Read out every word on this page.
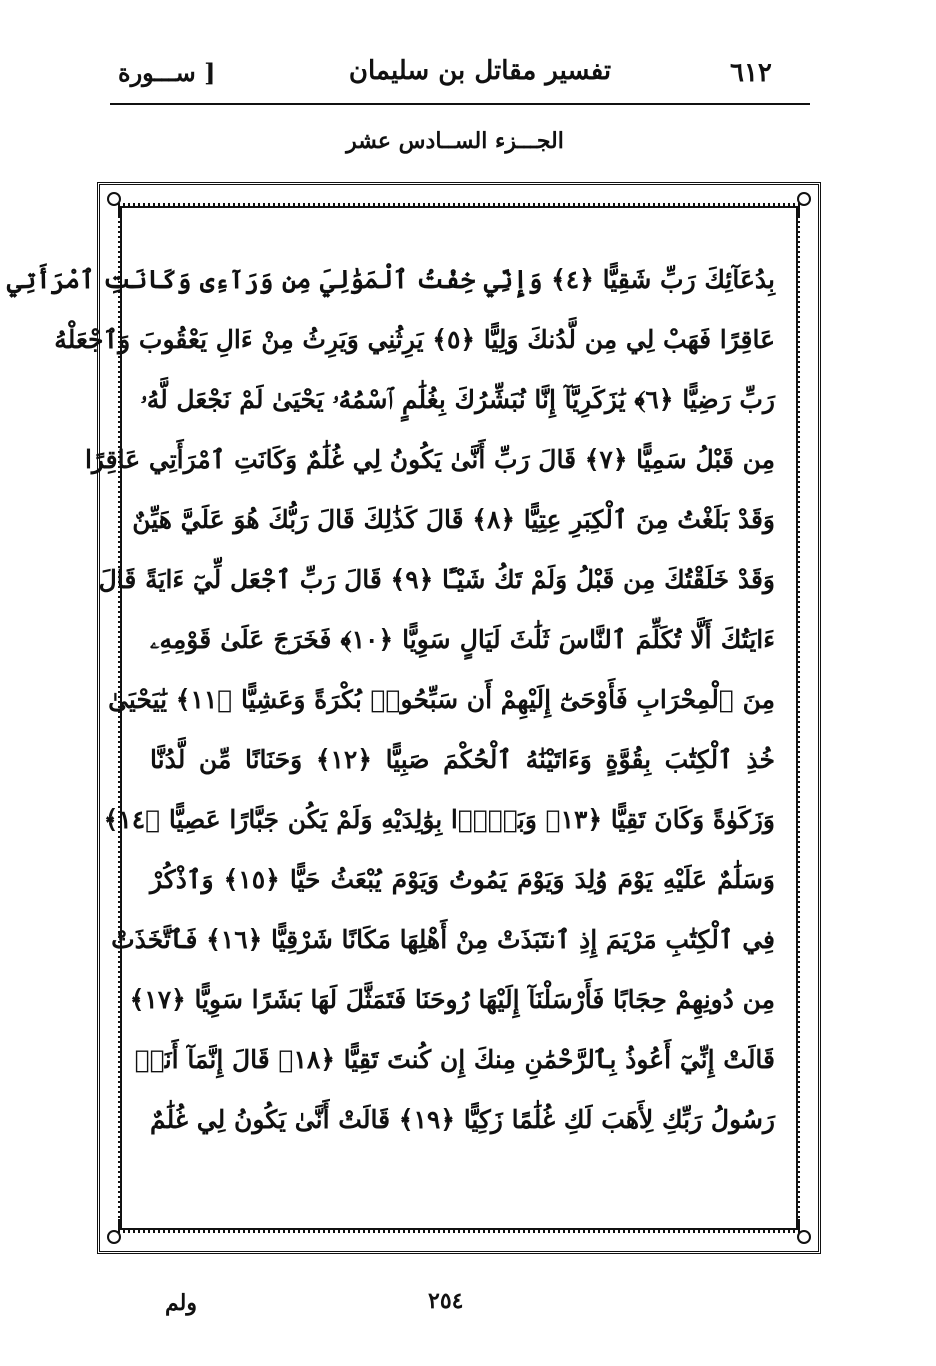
٦١٢
تفسير مقاتل بن سليمان
[ ســـورة
الجـــزء الســادس عشر
بِدُعَآئِكَ رَبِّ شَقِيًّا ﴿٤﴾ وَإِنِّي خِفْتُ ٱلْمَوَٰلِيَ مِن وَرَآءِى وَكَانَتِ ٱمْرَأَتِي
عَاقِرًا فَهَبْ لِي مِن لَّدُنكَ وَلِيًّا ﴿٥﴾ يَرِثُنِي وَيَرِثُ مِنْ ءَالِ يَعْقُوبَ وَٱجْعَلْهُ
رَبِّ رَضِيًّا ﴿٦﴾ يَٰزَكَرِيَّآ إِنَّا نُبَشِّرُكَ بِغُلَٰمٍ ٱسْمُهُۥ يَحْيَىٰ لَمْ نَجْعَل لَّهُۥ
مِن قَبْلُ سَمِيًّا ﴿٧﴾ قَالَ رَبِّ أَنَّىٰ يَكُونُ لِي غُلَٰمٌ وَكَانَتِ ٱمْرَأَتِي عَاقِرًا
وَقَدْ بَلَغْتُ مِنَ ٱلْكِبَرِ عِتِيًّا ﴿٨﴾ قَالَ كَذَٰلِكَ قَالَ رَبُّكَ هُوَ عَلَيَّ هَيِّنٌ
وَقَدْ خَلَقْتُكَ مِن قَبْلُ وَلَمْ تَكُ شَيْـًٔا ﴿٩﴾ قَالَ رَبِّ ٱجْعَل لِّيٓ ءَايَةً قَالَ
ءَايَتُكَ أَلَّا تُكَلِّمَ ٱلنَّاسَ ثَلَٰثَ لَيَالٍ سَوِيًّا ﴿١٠﴾ فَخَرَجَ عَلَىٰ قَوْمِهِۦ
مِنَ ٱلْمِحْرَابِ فَأَوْحَىٰٓ إِلَيْهِمْ أَن سَبِّحُوا۟ بُكْرَةً وَعَشِيًّا ﴿١١﴾ يَٰيَحْيَىٰ
خُذِ ٱلْكِتَٰبَ بِقُوَّةٍ وَءَاتَيْنَٰهُ ٱلْحُكْمَ صَبِيًّا ﴿١٢﴾ وَحَنَانًا مِّن لَّدُنَّا
وَزَكَوٰةً وَكَانَ تَقِيًّا ﴿١٣﴾ وَبَرًّۢا بِوَٰلِدَيْهِ وَلَمْ يَكُن جَبَّارًا عَصِيًّا ﴿١٤﴾
وَسَلَٰمٌ عَلَيْهِ يَوْمَ وُلِدَ وَيَوْمَ يَمُوتُ وَيَوْمَ يُبْعَثُ حَيًّا ﴿١٥﴾ وَٱذْكُرْ
فِي ٱلْكِتَٰبِ مَرْيَمَ إِذِ ٱنتَبَذَتْ مِنْ أَهْلِهَا مَكَانًا شَرْقِيًّا ﴿١٦﴾ فَٱتَّخَذَتْ
مِن دُونِهِمْ حِجَابًا فَأَرْسَلْنَآ إِلَيْهَا رُوحَنَا فَتَمَثَّلَ لَهَا بَشَرًا سَوِيًّا ﴿١٧﴾
قَالَتْ إِنِّيٓ أَعُوذُ بِٱلرَّحْمَٰنِ مِنكَ إِن كُنتَ تَقِيًّا ﴿١٨﴾ قَالَ إِنَّمَآ أَنَا۠
رَسُولُ رَبِّكِ لِأَهَبَ لَكِ غُلَٰمًا زَكِيًّا ﴿١٩﴾ قَالَتْ أَنَّىٰ يَكُونُ لِي غُلَٰمٌ
ولم	٢٥٤
